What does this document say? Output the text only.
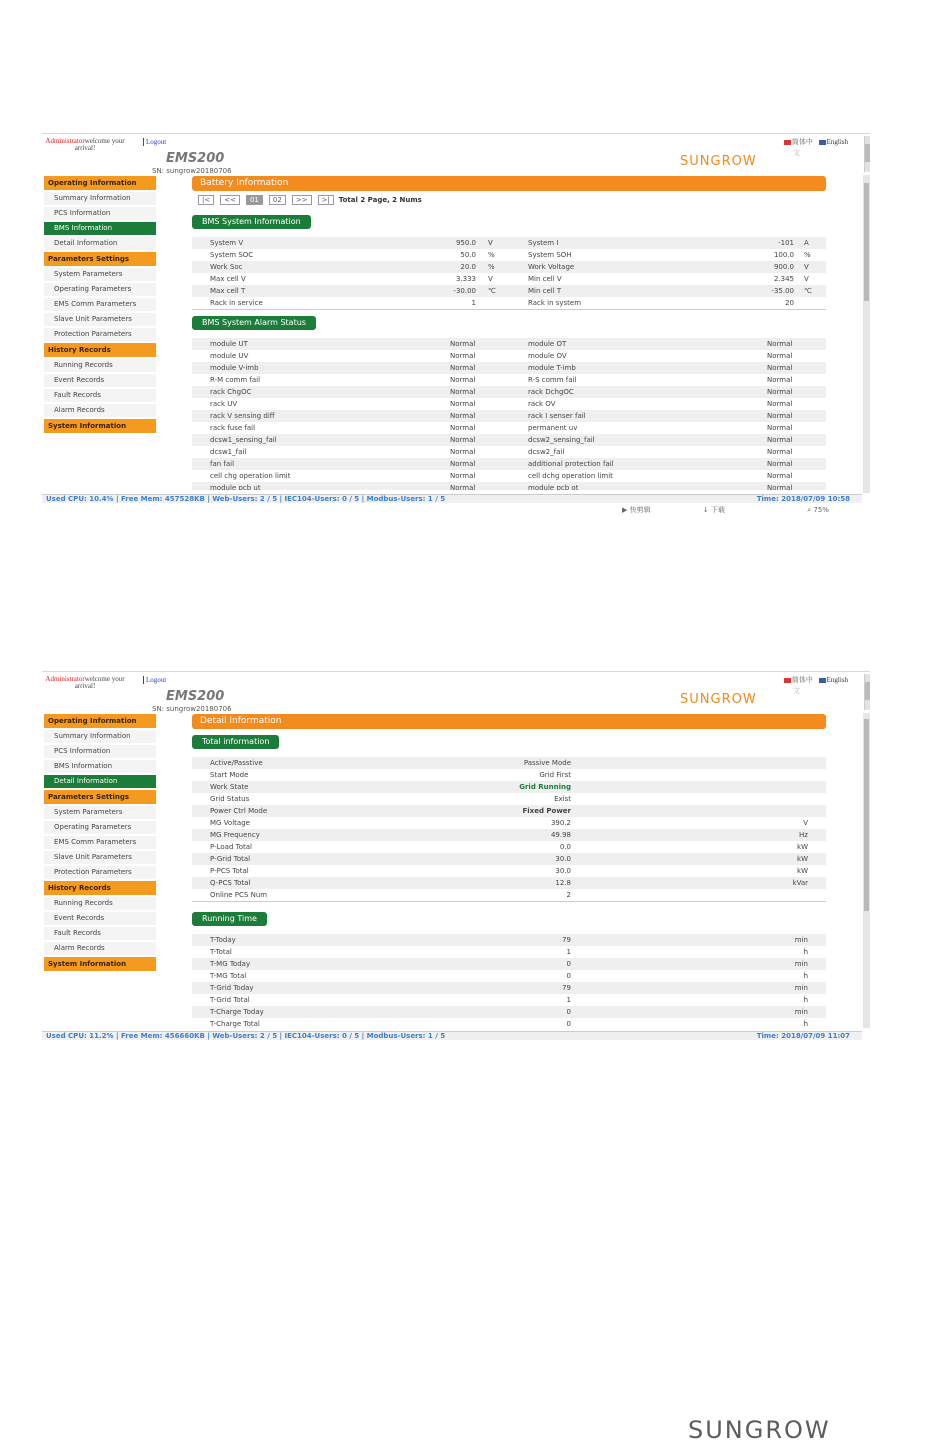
Administratorwelcome your arrival!
Logout	简体中 English
文
EMS200
SN: sungrow20180706
SUNGROW
Operating Information
Summary Information
PCS Information
BMS Information
Detail Information
Parameters Settings
System Parameters
Operating Parameters
EMS Comm Parameters
Slave Unit Parameters
Protection Parameters
History Records
Running Records
Event Records
Fault Records
Alarm Records
System Information
Battery Information
|< << 01 02 >> >| Total 2 Page, 2 Nums
BMS System Information
System V	950.0 V	System I	-101 A
System SOC	50.0 %	System SOH	100.0 %
Work Soc	20.0 %	Work Voltage	900.0 V
Max cell V	3.333 V	Min cell V	2.345 V
Max cell T	-30.00 ℃	Min cell T	-35.00 ℃
Rack in service	1	Rack in system	20
BMS System Alarm Status
module UT	Normal	module OT	Normal
module UV	Normal	module OV	Normal
module V-imb	Normal	module T-imb	Normal
R-M comm fail	Normal	R-S comm fail	Normal
rack ChgOC	Normal	rack DchgOC	Normal
rack UV	Normal	rack OV	Normal
rack V sensing diff	Normal	rack I senser fail	Normal
rack fuse fail	Normal	permanent uv	Normal
dcsw1_sensing_fail	Normal	dcsw2_sensing_fail	Normal
dcsw1_fail	Normal	dcsw2_fail	Normal
fan fail	Normal	additional protection fail	Normal
cell chg operation limit	Normal	cell dchg operation limit	Normal
module pcb ut	Normal	module pcb ot	Normal
Used CPU: 10.4% | Free Mem: 457528KB | Web-Users: 2 / 5 | IEC104-Users: 0 / 5 | Modbus-Users: 1 / 5	Time: 2018/07/09 10:58
▶ 快剪辑	↓ 下载	⌕ 75%
Administratorwelcome your arrival!
Logout	简体中 English
文
EMS200
SN: sungrow20180706
SUNGROW
Operating Information
Summary Information
PCS Information
BMS Information
Detail Information
Parameters Settings
System Parameters
Operating Parameters
EMS Comm Parameters
Slave Unit Parameters
Protection Parameters
History Records
Running Records
Event Records
Fault Records
Alarm Records
System Information
Detail Information
Total information
Active/Passtive	Passive Mode
Start Mode	Grid First
Work State	Grid Running
Grid Status	Exist
Power Ctrl Mode	Fixed Power
MG Voltage	390.2	V
MG Frequency	49.98	Hz
P-Load Total	0.0	kW
P-Grid Total	30.0	kW
P-PCS Total	30.0	kW
Q-PCS Total	12.8	kVar
Online PCS Num	2
Running Time
T-Today	79	min
T-Total	1	h
T-MG Today	0	min
T-MG Total	0	h
T-Grid Today	79	min
T-Grid Total	1	h
T-Charge Today	0	min
T-Charge Total	0	h
Used CPU: 11.2% | Free Mem: 456660KB | Web-Users: 2 / 5 | IEC104-Users: 0 / 5 | Modbus-Users: 1 / 5	Time: 2018/07/09 11:07
SUNGROW
